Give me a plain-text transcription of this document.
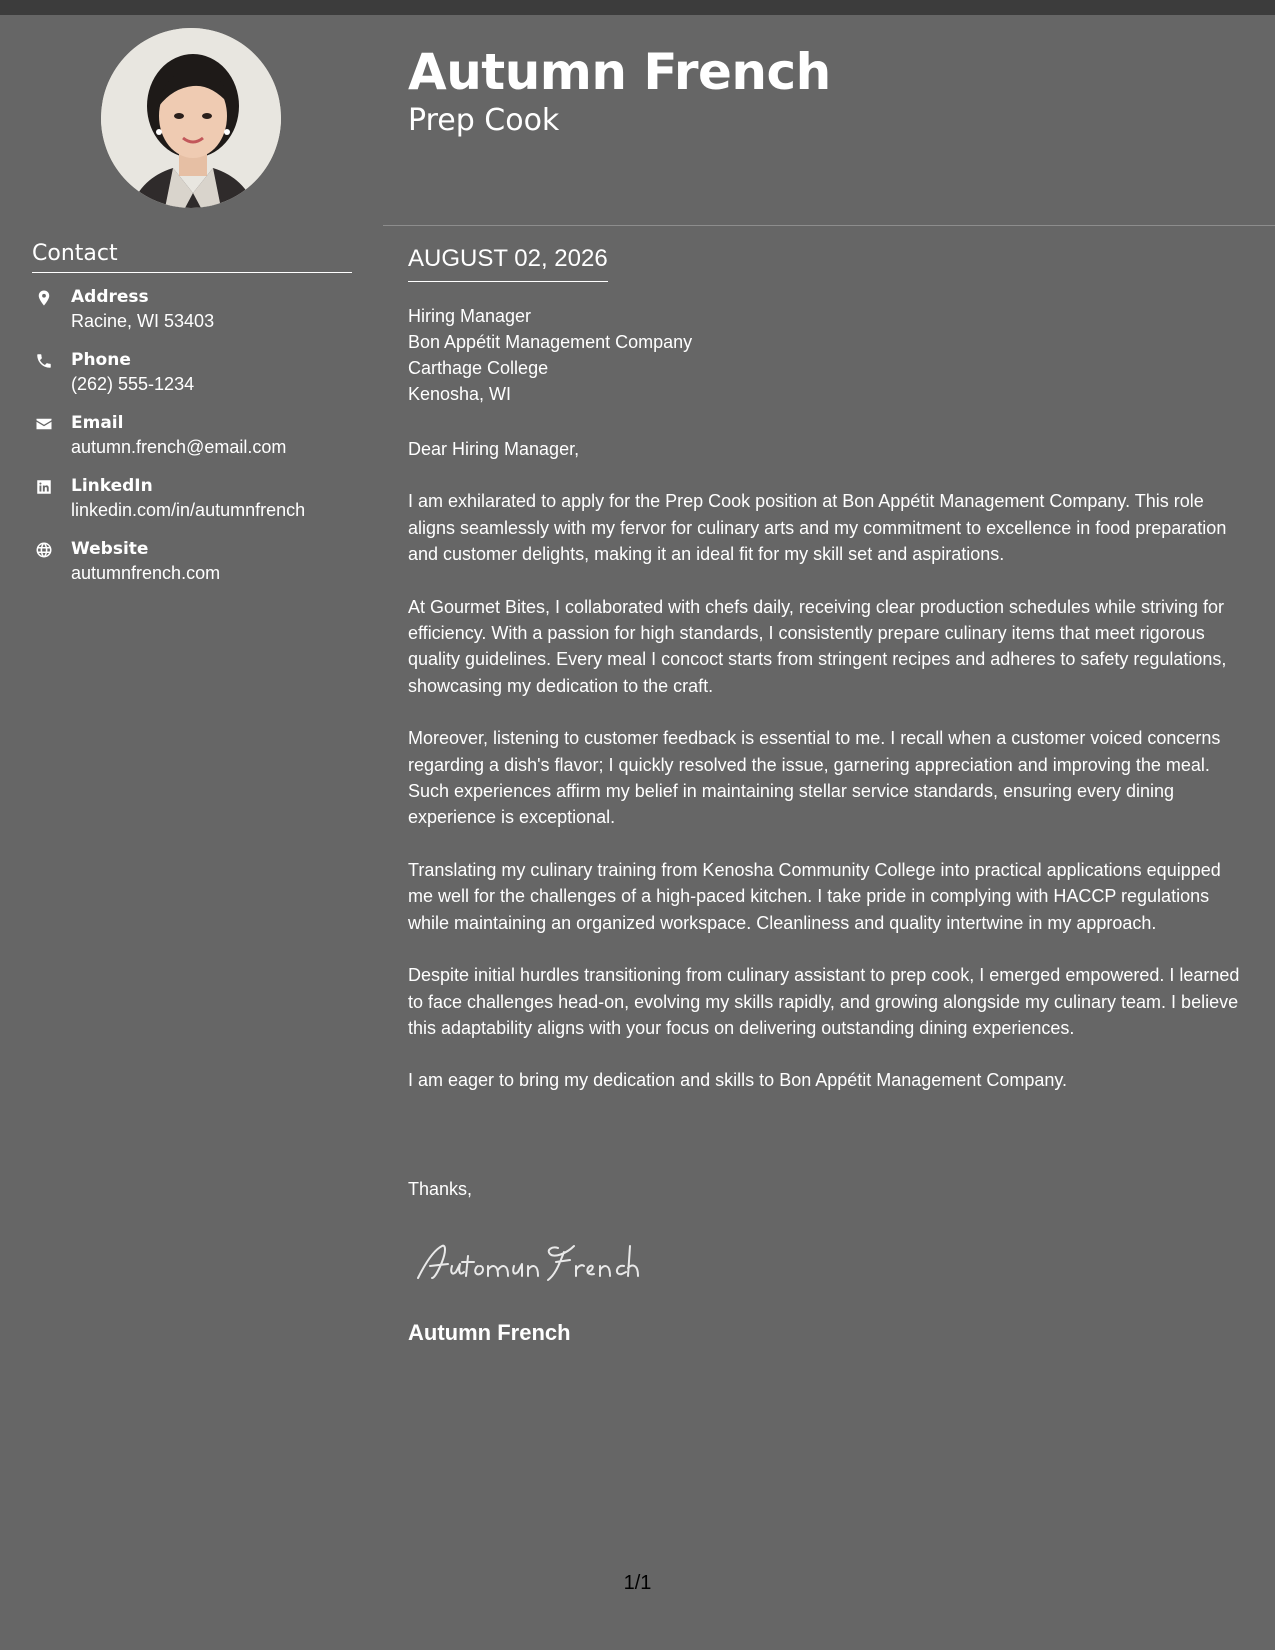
Contact
Address
Racine, WI 53403
Phone
(262) 555-1234
Email
autumn.french@email.com
LinkedIn
linkedin.com/in/autumnfrench
Website
autumnfrench.com
Autumn French
Prep Cook
AUGUST 02, 2026
Hiring Manager
Bon Appétit Management Company
Carthage College
Kenosha, WI

Dear Hiring Manager,

I am exhilarated to apply for the Prep Cook position at Bon Appétit Management Company. This role aligns seamlessly with my fervor for culinary arts and my commitment to excellence in food preparation and customer delights, making it an ideal fit for my skill set and aspirations.

At Gourmet Bites, I collaborated with chefs daily, receiving clear production schedules while striving for efficiency. With a passion for high standards, I consistently prepare culinary items that meet rigorous quality guidelines. Every meal I concoct starts from stringent recipes and adheres to safety regulations, showcasing my dedication to the craft.

Moreover, listening to customer feedback is essential to me. I recall when a customer voiced concerns regarding a dish's flavor; I quickly resolved the issue, garnering appreciation and improving the meal. Such experiences affirm my belief in maintaining stellar service standards, ensuring every dining experience is exceptional.

Translating my culinary training from Kenosha Community College into practical applications equipped me well for the challenges of a high-paced kitchen. I take pride in complying with HACCP regulations while maintaining an organized workspace. Cleanliness and quality intertwine in my approach.

Despite initial hurdles transitioning from culinary assistant to prep cook, I emerged empowered. I learned to face challenges head-on, evolving my skills rapidly, and growing alongside my culinary team. I believe this adaptability aligns with your focus on delivering outstanding dining experiences.

I am eager to bring my dedication and skills to Bon Appétit Management Company.

Thanks,
Autumn French
1/1
